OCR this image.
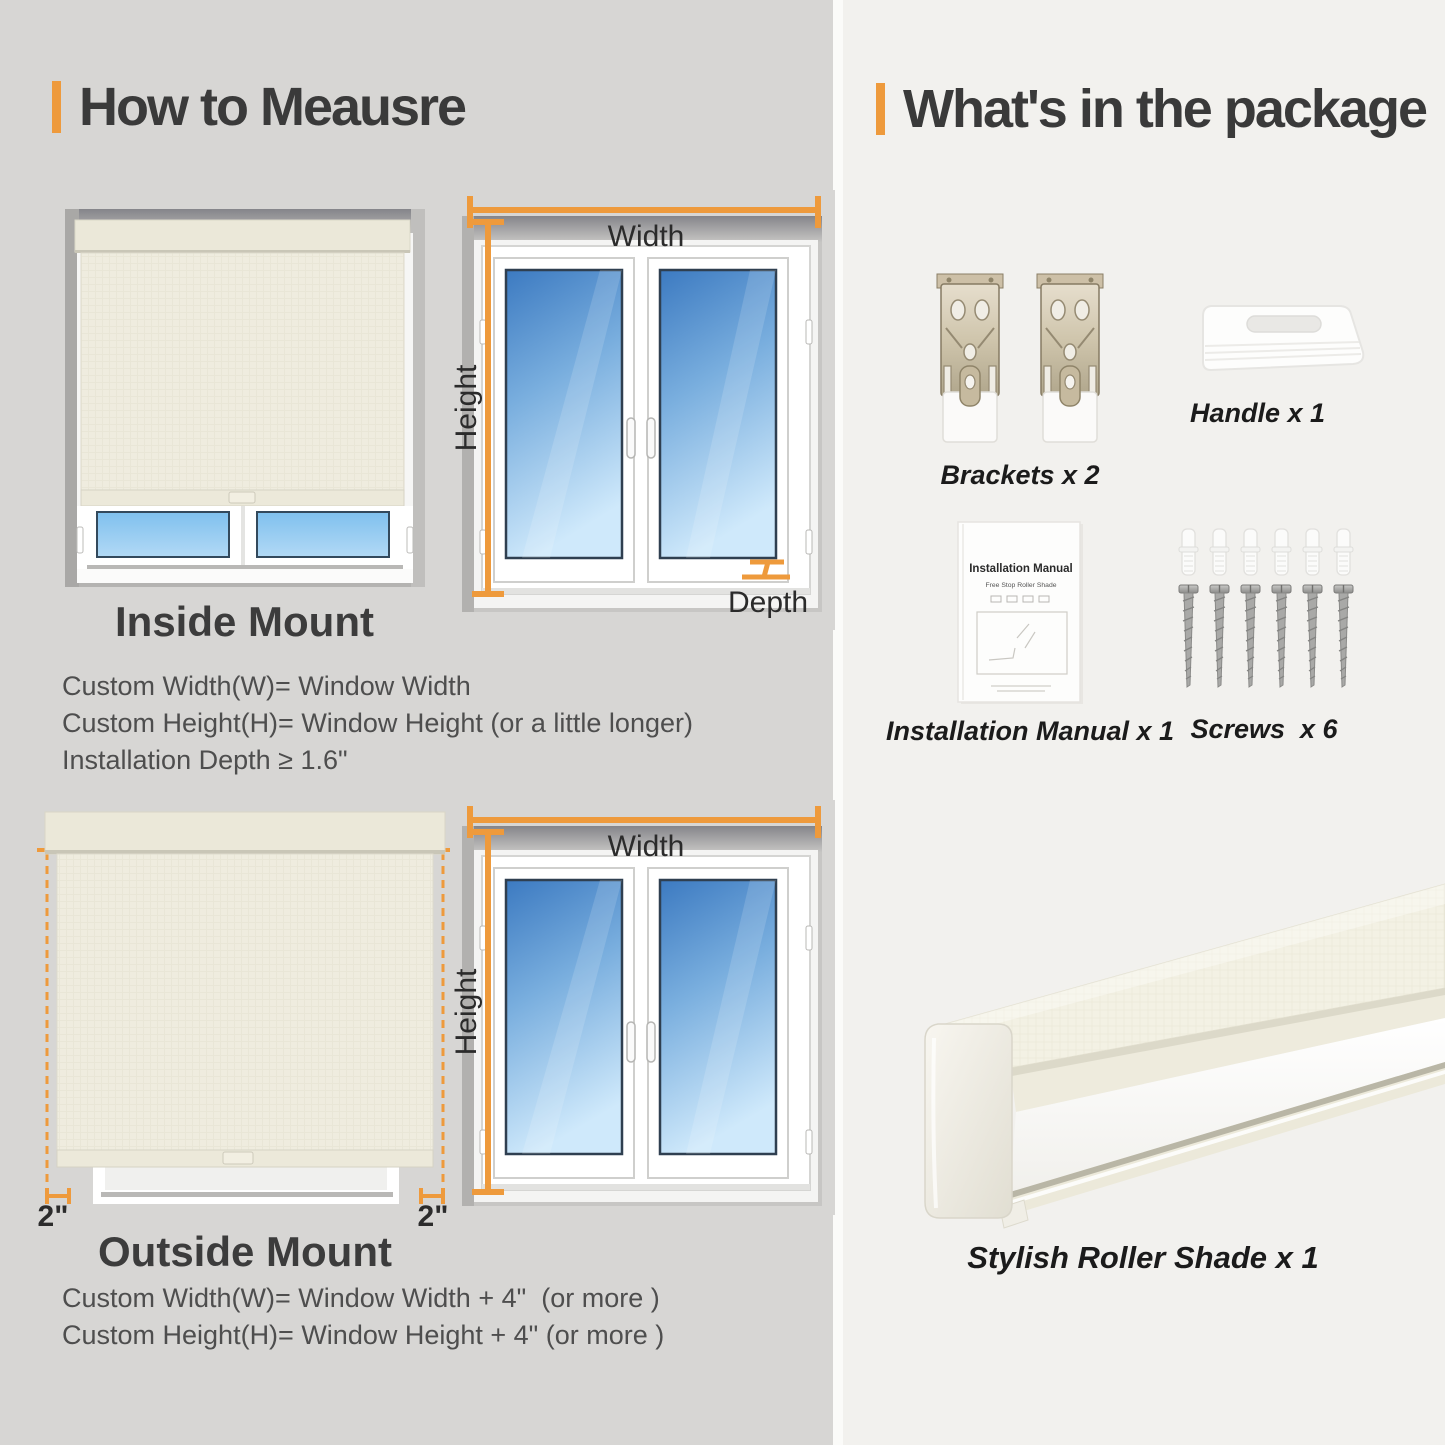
How to Meausre
Inside Mount
Width
Height
Depth
Custom Width(W)= Window Width
Custom Height(H)= Window Height (or a little longer)
Installation Depth ≥ 1.6"
2"	2"
Outside Mount
Width
Height
Custom Width(W)= Window Width + 4"  (or more )
Custom Height(H)= Window Height + 4" (or more )
What's in the package
Brackets x 2
Handle x 1
Installation Manual
Free Stop Roller Shade
Installation Manual x 1 Screws  x 6
Stylish Roller Shade x 1
